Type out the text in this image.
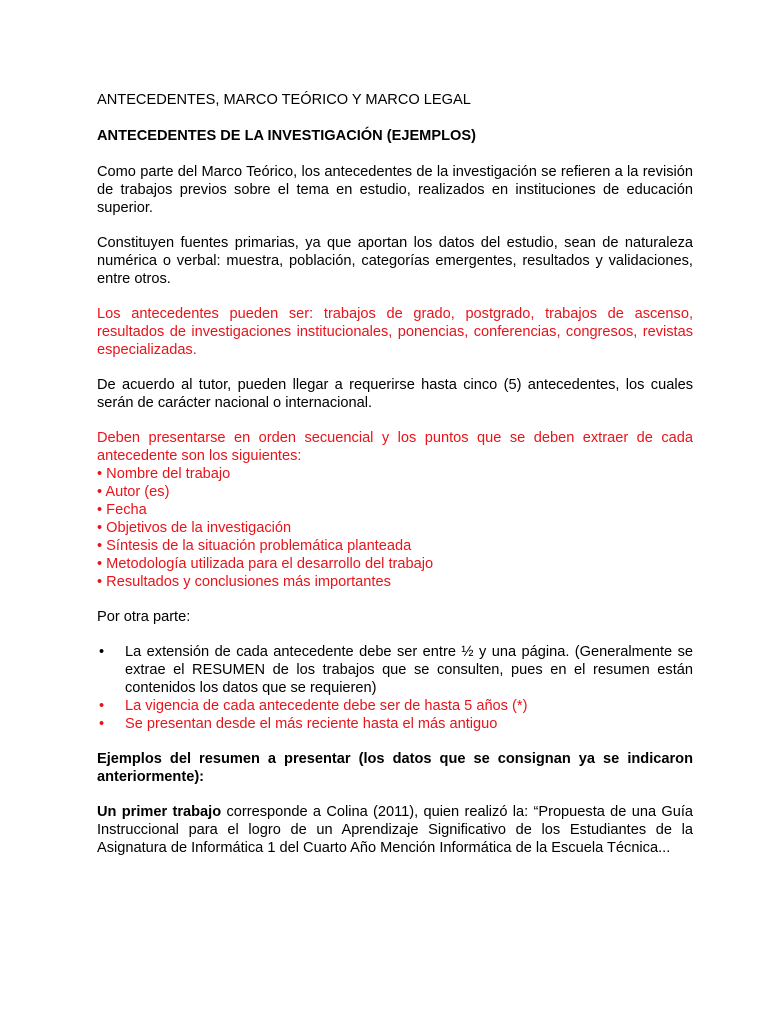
ANTECEDENTES, MARCO TEÓRICO Y MARCO LEGAL

ANTECEDENTES DE LA INVESTIGACIÓN (EJEMPLOS)

Como parte del Marco Teórico, los antecedentes de la investigación se refieren a la revisión de trabajos previos sobre el tema en estudio, realizados en instituciones de educación superior.

Constituyen fuentes primarias, ya que aportan los datos del estudio, sean de naturaleza numérica o verbal: muestra, población, categorías emergentes, resultados y validaciones, entre otros.

Los antecedentes pueden ser: trabajos de grado, postgrado, trabajos de ascenso, resultados de investigaciones institucionales, ponencias, conferencias, congresos, revistas especializadas.

De acuerdo al tutor, pueden llegar a requerirse hasta cinco (5) antecedentes, los cuales serán de carácter nacional o internacional.

Deben presentarse en orden secuencial y los puntos que se deben extraer de cada antecedente son los siguientes:

• Nombre del trabajo
• Autor (es)
• Fecha
• Objetivos de la investigación
• Síntesis de la situación problemática planteada
• Metodología utilizada para el desarrollo del trabajo
• Resultados y conclusiones más importantes

Por otra parte:

•	La extensión de cada antecedente debe ser entre ½ y una página. (Generalmente se extrae el RESUMEN de los trabajos que se consulten, pues en el resumen están contenidos los datos que se requieren)
•	La vigencia de cada antecedente debe ser de hasta 5 años (*)
•	Se presentan desde el más reciente hasta el más antiguo

Ejemplos del resumen a presentar (los datos que se consignan ya se indicaron anteriormente):

Un primer trabajo corresponde a Colina (2011), quien realizó la: “Propuesta de una Guía Instruccional para el logro de un Aprendizaje Significativo de los Estudiantes de la Asignatura de Informática 1 del Cuarto Año Mención Informática de la Escuela Técnica...
